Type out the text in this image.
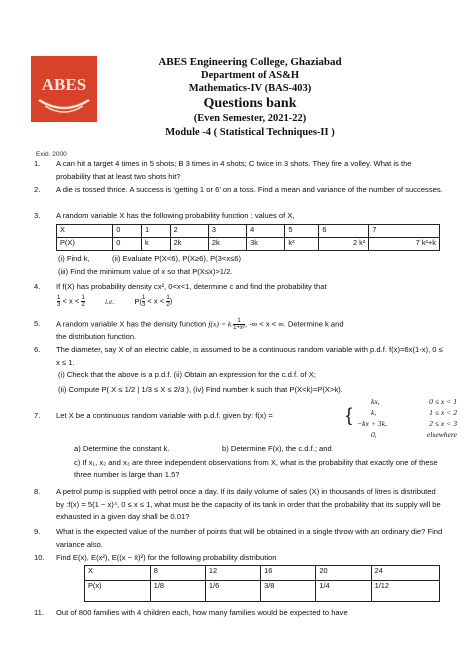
ABES
ABES Engineering College, Ghaziabad
Department of AS&H
Mathematics-IV (BAS-403)
Questions bank
(Even Semester, 2021-22)
Module -4 ( Statistical Techniques-II )
Exid. 2000
1. A can hit a target 4 times in 5 shots; B 3 times in 4 shots; C twice in 3 shots. They fire a volley. What is the probability that at least two shots hit?
2. A die is tossed thrice. A success is ‘getting 1 or 6’ on a toss. Find a mean and variance of the number of successes.
3. A random variable X has the following probability function : values of X,
X	0	1	2	3	4	5	6	7
P(X)	0	k	2k	2k	3k	k²	2 k²	7 k²+k
(i) Find k,	(ii) Evaluate P(X<6), P(X≥6), P(3<x≤6)
(iii) Find the minimum value of x so that P(X≤x)>1/2.
4. If f(X) has probability density cx², 0<x<1, determine c and find the probability that
$\frac{1}{3} < x < \frac{1}{2}$	i.e.	$P( \frac{1}{3} < x < \frac{1}{2}$ )
5. A random variable X has the density function f(x) = k. $\frac{1}{\text{1+x²}}$ , -∞ < x < ∞. Determine k and
the distribution function.
6. The diameter, say X of an electric cable, is assumed to be a continuous random variable with p.d.f. f(x)=6x(1-x), 0 ≤ x ≤ 1.
(i) Check that the above is a p.d.f. (ii) Obtain an expression for the c.d.f. of X;
(ii) Compute P( X ≤ 1/2 | 1/3 ≤ X ≤ 2/3 ), (iv) Find number k such that P(X<k)=P(X>k).
7. Let X be a continuous random variable with p.d.f. given by: f(x) =	{
kx,	0 ≤ x < 1
k,	1 ≤ x < 2
−kx + 3k,	2 ≤ x < 3
0,	elsewhere
a) Determine the constant k.	b) Determine F(x), the c.d.f.; and
c) If x₁, x₂ and x₃ are three independent observations from X, what is the probability that exactly one of these three number is large than 1.5?
8. A petrol pump is supplied with petrol once a day. If its daily volume of sales (X) in thousands of litres is distributed by :f(x) = 5(1 − x)⁴, 0 ≤ x ≤ 1, what must be the capacity of its tank in order that the probability that its supply will be exhausted in a given day shall be 0.01?
9. What is the expected value of the number of points that will be obtained in a single throw with an ordinary die? Find variance also.
10. Find E(x), E(x²), E((x − x̄)²) for the following probability distribution
X	8	12	16	20	24
P(x)	1/8	1/6	3/8	1/4	1/12
11. Out of 800 families with 4 children each, how many families would be expected to have
